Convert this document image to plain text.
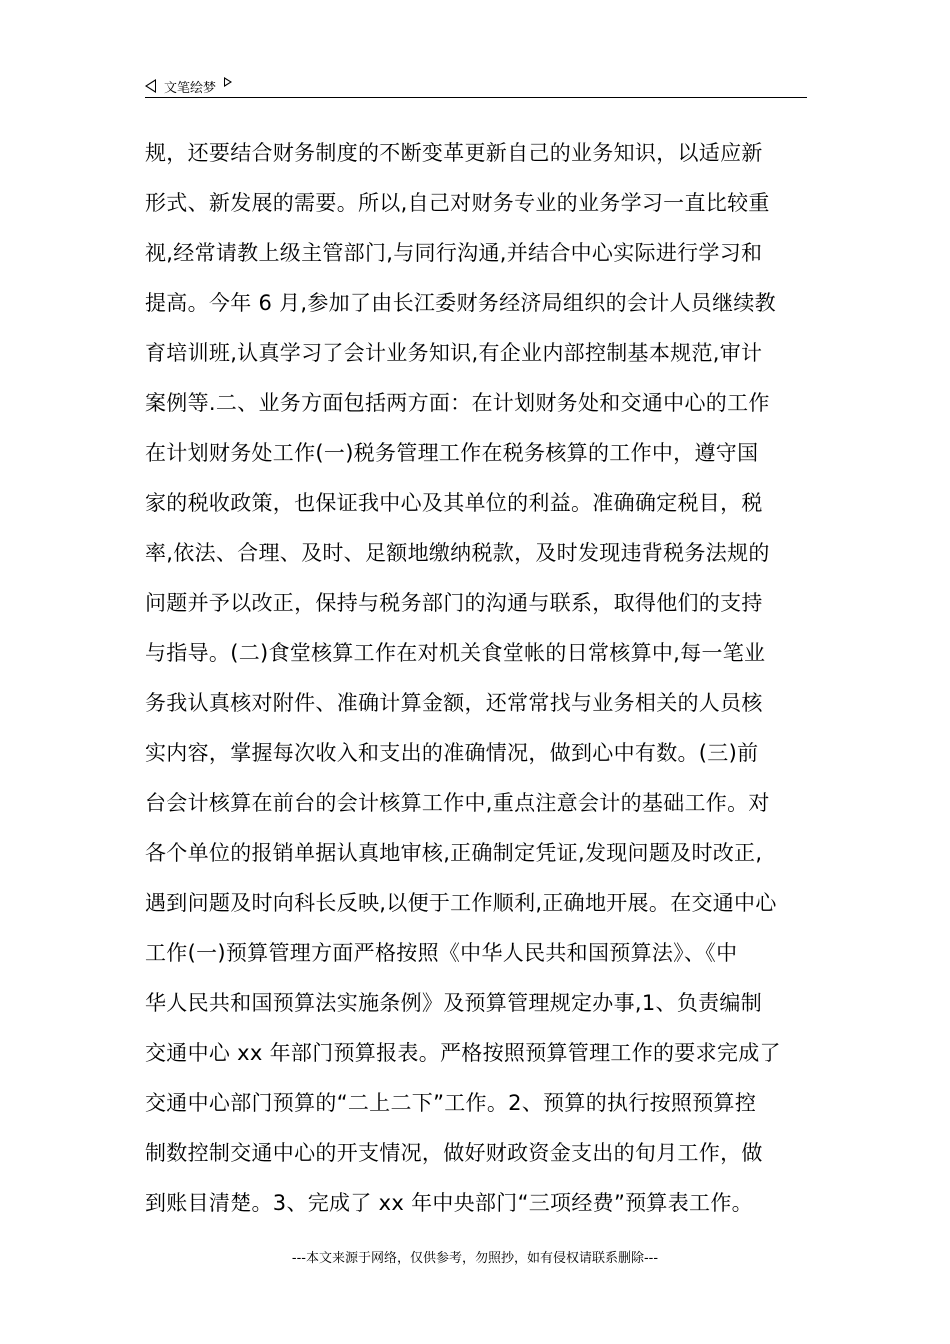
文笔绘梦
规，还要结合财务制度的不断变革更新自己的业务知识，以适应新
形式、新发展的需要。所以,自己对财务专业的业务学习一直比较重
视,经常请教上级主管部门,与同行沟通,并结合中心实际进行学习和
提高。今年 6 月,参加了由长江委财务经济局组织的会计人员继续教
育培训班,认真学习了会计业务知识,有企业内部控制基本规范,审计
案例等.二、业务方面包括两方面：在计划财务处和交通中心的工作
在计划财务处工作(一)税务管理工作在税务核算的工作中，遵守国
家的税收政策，也保证我中心及其单位的利益。准确确定税目，税
率,依法、合理、及时、足额地缴纳税款，及时发现违背税务法规的
问题并予以改正，保持与税务部门的沟通与联系，取得他们的支持
与指导。(二)食堂核算工作在对机关食堂帐的日常核算中,每一笔业
务我认真核对附件、准确计算金额，还常常找与业务相关的人员核
实内容，掌握每次收入和支出的准确情况，做到心中有数。(三)前
台会计核算在前台的会计核算工作中,重点注意会计的基础工作。对
各个单位的报销单据认真地审核,正确制定凭证,发现问题及时改正,
遇到问题及时向科长反映,以便于工作顺利,正确地开展。在交通中心
工作(一)预算管理方面严格按照《中华人民共和国预算法》、《中
华人民共和国预算法实施条例》及预算管理规定办事,1、负责编制
交通中心 xx 年部门预算报表。严格按照预算管理工作的要求完成了
交通中心部门预算的“二上二下”工作。2、预算的执行按照预算控
制数控制交通中心的开支情况，做好财政资金支出的旬月工作，做
到账目清楚。3、完成了 xx 年中央部门“三项经费”预算表工作。
---本文来源于网络，仅供参考，勿照抄，如有侵权请联系删除---
